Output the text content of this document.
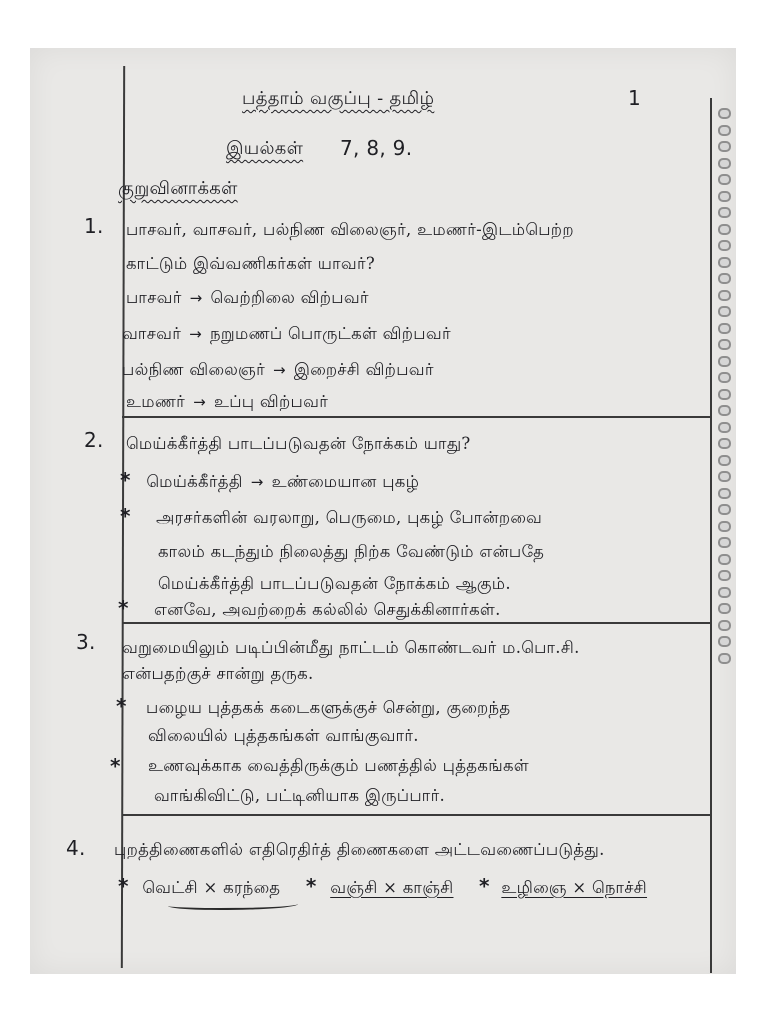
பத்தாம் வகுப்பு - தமிழ்	1
இயல்கள் 7, 8, 9.
குறுவினாக்கள்
1. பாசவர், வாசவர், பல்நிண விலைஞர், உமணர்-இடம்பெற்ற
காட்டும் இவ்வணிகர்கள் யாவர்?
பாசவர் → வெற்றிலை விற்பவர்
வாசவர் → நறுமணப் பொருட்கள் விற்பவர்
பல்நிண விலைஞர் → இறைச்சி விற்பவர்
உமணர் → உப்பு விற்பவர்
2. மெய்க்கீர்த்தி பாடப்படுவதன் நோக்கம் யாது?
* மெய்க்கீர்த்தி → உண்மையான புகழ்
* அரசர்களின் வரலாறு, பெருமை, புகழ் போன்றவை
காலம் கடந்தும் நிலைத்து நிற்க வேண்டும் என்பதே
மெய்க்கீர்த்தி பாடப்படுவதன் நோக்கம் ஆகும்.
* எனவே, அவற்றைக் கல்லில் செதுக்கினார்கள்.
3. வறுமையிலும் படிப்பின்மீது நாட்டம் கொண்டவர் ம.பொ.சி.
என்பதற்குச் சான்று தருக.
* பழைய புத்தகக் கடைகளுக்குச் சென்று, குறைந்த
விலையில் புத்தகங்கள் வாங்குவார்.
* உணவுக்காக வைத்திருக்கும் பணத்தில் புத்தகங்கள்
வாங்கிவிட்டு, பட்டினியாக இருப்பார்.
4. புறத்திணைகளில் எதிரெதிர்த் திணைகளை அட்டவணைப்படுத்து.
* வெட்சி × கரந்தை * வஞ்சி × காஞ்சி * உழிஞை × நொச்சி
